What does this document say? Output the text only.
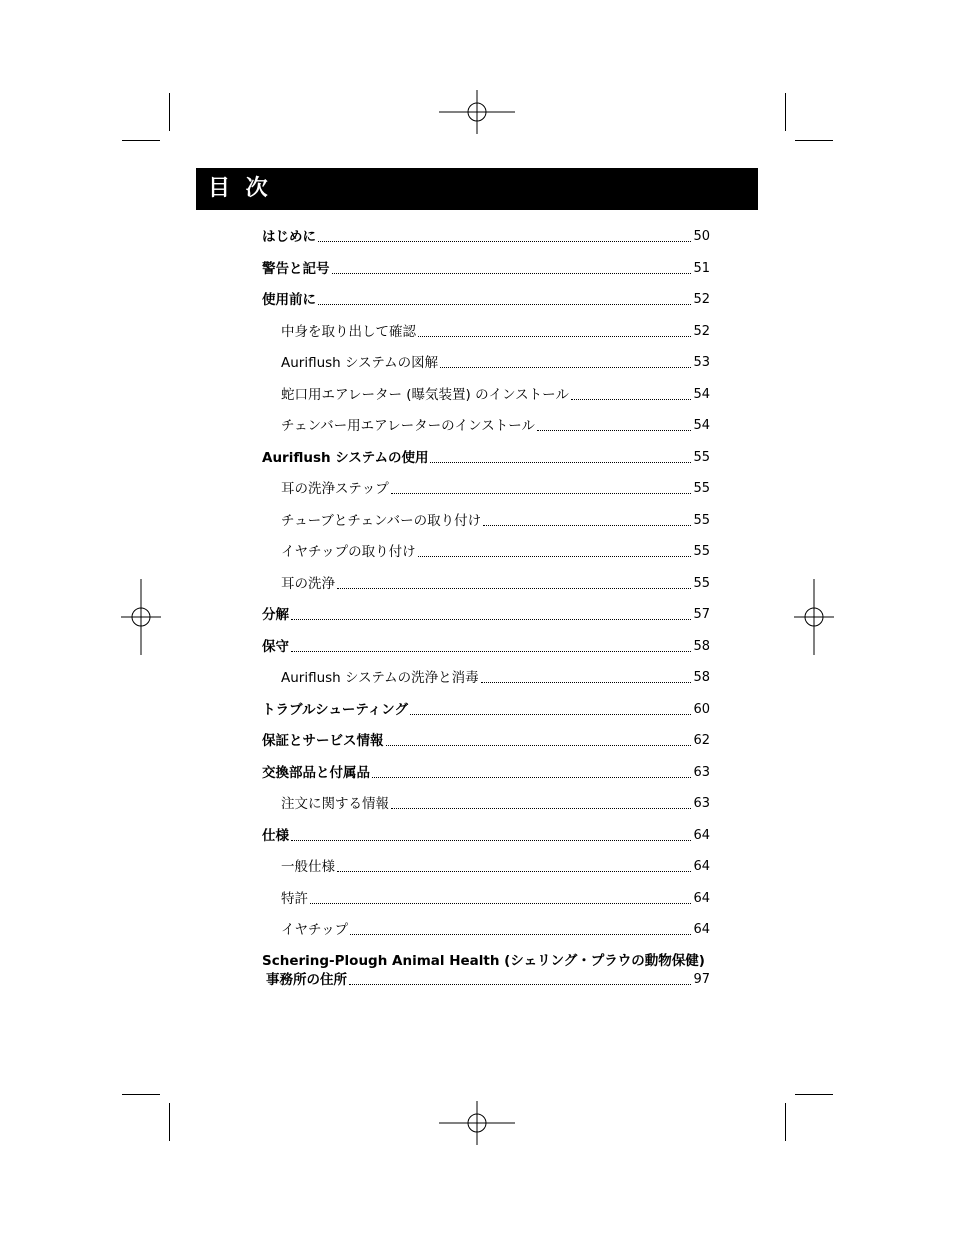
目 次
はじめに	50
警告と記号	51
使用前に	52
中身を取り出して確認	52
Auriflush システムの図解	53
蛇口用エアレーター (曝気装置) のインストール	54
チェンバー用エアレーターのインストール	54
Auriflush システムの使用	55
耳の洗浄ステップ	55
チューブとチェンバーの取り付け	55
イヤチップの取り付け	55
耳の洗浄	55
分解	57
保守	58
Auriflush システムの洗浄と消毒	58
トラブルシューティング	60
保証とサービス情報	62
交換部品と付属品	63
注文に関する情報	63
仕様	64
一般仕様	64
特許	64
イヤチップ	64
Schering-Plough Animal Health (シェリング・プラウの動物保健)
事務所の住所	97
